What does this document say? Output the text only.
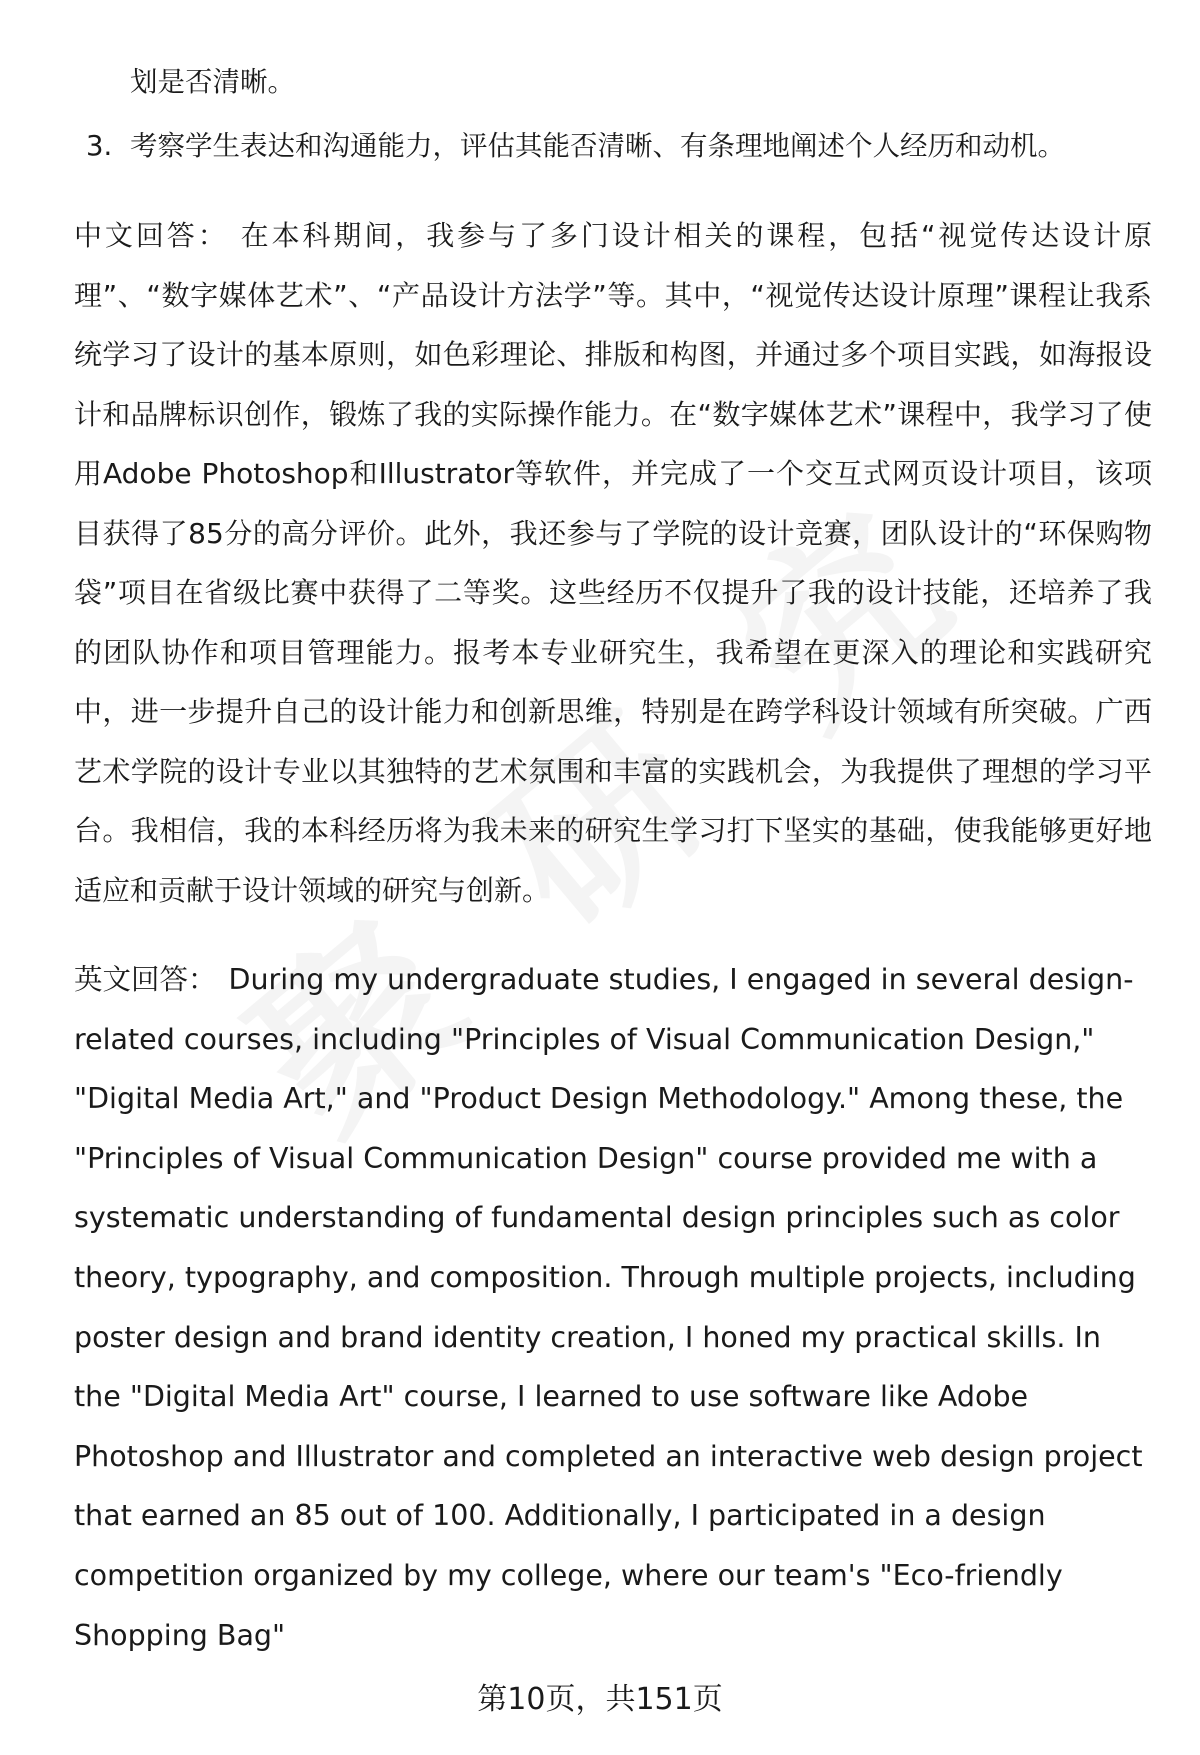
划是否清晰。
3. 考察学生表达和沟通能力，评估其能否清晰、有条理地阐述个人经历和动机。
中文回答： 在本科期间，我参与了多门设计相关的课程，包括“视觉传达设计原理”、“数字媒体艺术”、“产品设计方法学”等。其中，“视觉传达设计原理”课程让我系统学习了设计的基本原则，如色彩理论、排版和构图，并通过多个项目实践，如海报设计和品牌标识创作，锻炼了我的实际操作能力。在“数字媒体艺术”课程中，我学习了使用Adobe Photoshop和Illustrator等软件，并完成了一个交互式网页设计项目，该项目获得了85分的高分评价。此外，我还参与了学院的设计竞赛，团队设计的“环保购物袋”项目在省级比赛中获得了二等奖。这些经历不仅提升了我的设计技能，还培养了我的团队协作和项目管理能力。报考本专业研究生，我希望在更深入的理论和实践研究中，进一步提升自己的设计能力和创新思维，特别是在跨学科设计领域有所突破。广西艺术学院的设计专业以其独特的艺术氛围和丰富的实践机会，为我提供了理想的学习平台。我相信，我的本科经历将为我未来的研究生学习打下坚实的基础，使我能够更好地适应和贡献于设计领域的研究与创新。
英文回答： During my undergraduate studies, I engaged in several design-related courses, including "Principles of Visual Communication Design," "Digital Media Art," and "Product Design Methodology." Among these, the "Principles of Visual Communication Design" course provided me with a systematic understanding of fundamental design principles such as color theory, typography, and composition. Through multiple projects, including poster design and brand identity creation, I honed my practical skills. In the "Digital Media Art" course, I learned to use software like Adobe Photoshop and Illustrator and completed an interactive web design project that earned an 85 out of 100. Additionally, I participated in a design competition organized by my college, where our team's "Eco-friendly Shopping Bag"
第10页，共151页
